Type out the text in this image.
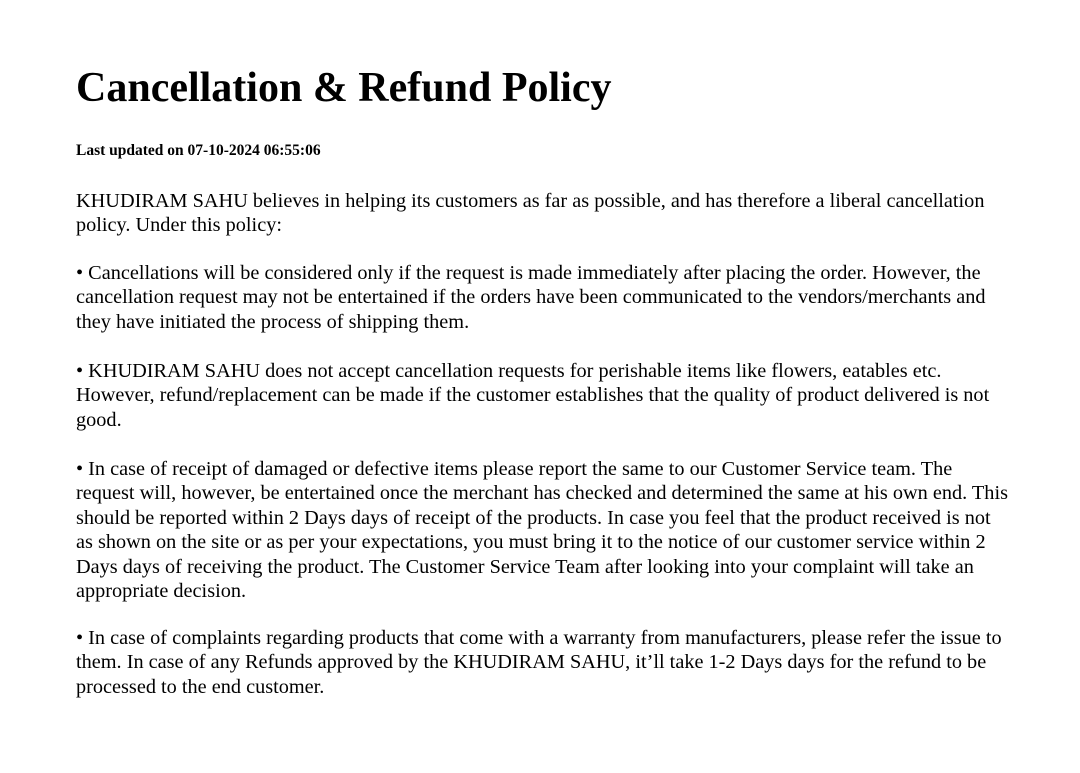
Cancellation & Refund Policy

Last updated on 07-10-2024 06:55:06

KHUDIRAM SAHU believes in helping its customers as far as possible, and has therefore a liberal cancellation policy. Under this policy:

• Cancellations will be considered only if the request is made immediately after placing the order. However, the cancellation request may not be entertained if the orders have been communicated to the vendors/merchants and they have initiated the process of shipping them.

• KHUDIRAM SAHU does not accept cancellation requests for perishable items like flowers, eatables etc. However, refund/replacement can be made if the customer establishes that the quality of product delivered is not good.

• In case of receipt of damaged or defective items please report the same to our Customer Service team. The request will, however, be entertained once the merchant has checked and determined the same at his own end. This should be reported within 2 Days days of receipt of the products. In case you feel that the product received is not as shown on the site or as per your expectations, you must bring it to the notice of our customer service within 2 Days days of receiving the product. The Customer Service Team after looking into your complaint will take an appropriate decision.

• In case of complaints regarding products that come with a warranty from manufacturers, please refer the issue to them. In case of any Refunds approved by the KHUDIRAM SAHU, it’ll take 1-2 Days days for the refund to be processed to the end customer.
